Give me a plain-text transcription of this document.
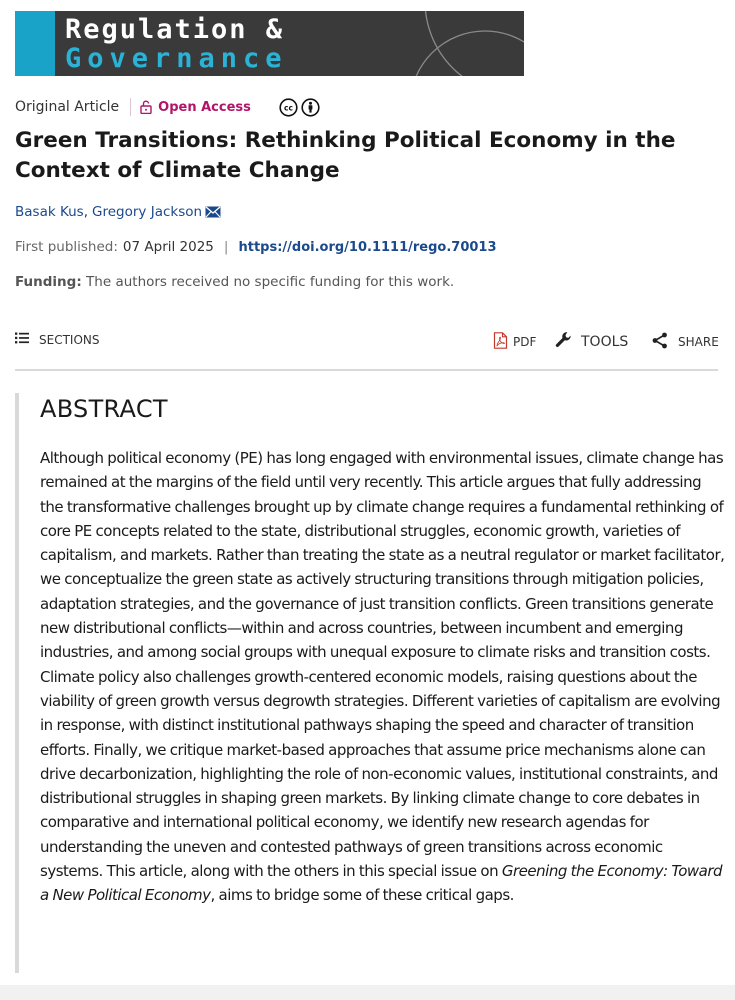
Regulation &
Governance
Original Article	Open Access	cc
Green Transitions: Rethinking Political Economy in the Context of Climate Change
Basak Kus , Gregory Jackson
First published: 07 April 2025 | https://doi.org/10.1111/rego.70013
Funding: The authors received no specific funding for this work.
SECTIONS	PDF	TOOLS	SHARE
ABSTRACT

Although political economy (PE) has long engaged with environmental issues, climate change has remained at the margins of the field until very recently. This article argues that fully addressing the transformative challenges brought up by climate change requires a fundamental rethinking of core PE concepts related to the state, distributional struggles, economic growth, varieties of capitalism, and markets. Rather than treating the state as a neutral regulator or market facilitator, we conceptualize the green state as actively structuring transitions through mitigation policies, adaptation strategies, and the governance of just transition conflicts. Green transitions generate new distributional conflicts—within and across countries, between incumbent and emerging industries, and among social groups with unequal exposure to climate risks and transition costs. Climate policy also challenges growth-centered economic models, raising questions about the viability of green growth versus degrowth strategies. Different varieties of capitalism are evolving in response, with distinct institutional pathways shaping the speed and character of transition efforts. Finally, we critique market-based approaches that assume price mechanisms alone can drive decarbonization, highlighting the role of non-economic values, institutional constraints, and distributional struggles in shaping green markets. By linking climate change to core debates in comparative and international political economy, we identify new research agendas for understanding the uneven and contested pathways of green transitions across economic systems. This article, along with the others in this special issue on Greening the Economy: Toward a New Political Economy, aims to bridge some of these critical gaps.
